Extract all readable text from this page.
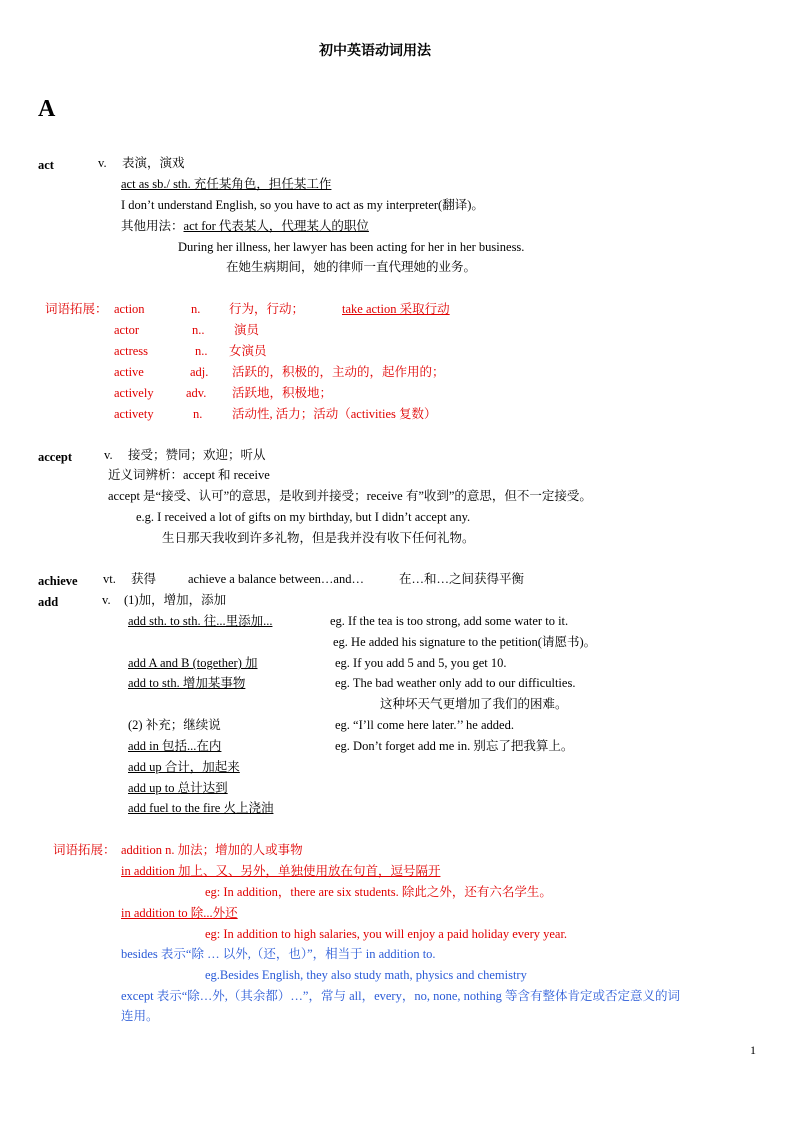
初中英语动词用法
A
act	v. 表演，演戏
act as sb./ sth. 充任某角色，担任某工作
I don’t understand English, so you have to act as my interpreter(翻译)。
其他用法：act for 代表某人，代理某人的职位
During her illness, her lawyer has been acting for her in her business.
在她生病期间，她的律师一直代理她的业务。
词语拓展： action	n. 行为，行动；	take action 采取行动
actor	n.. 演员
actress	n.. 女演员
active	adj. 活跃的，积极的，主动的，起作用的；
actively	adv. 活跃地，积极地；
activety	n. 活动性, 活力；活动（activities 复数）
accept	v. 接受；赞同；欢迎；听从
近义词辨析：accept 和 receive
accept 是“接受、认可”的意思，是收到并接受；receive 有”收到”的意思，但不一定接受。
e.g. I received a lot of gifts on my birthday, but I didn’t accept any.
生日那天我收到许多礼物，但是我并没有收下任何礼物。
achieve vt. 获得	achieve a balance between…and…	在…和…之间获得平衡
add	v. (1)加，增加，添加
add sth. to sth. 往...里添加...	eg. If the tea is too strong, add some water to it.
eg. He added his signature to the petition(请愿书)。
add A and B (together) 加	eg. If you add 5 and 5, you get 10.
add to sth. 增加某事物	eg. The bad weather only add to our difficulties.
这种坏天气更增加了我们的困难。
(2) 补充；继续说	eg. “I’ll come here later.’’ he added.
add in 包括...在内	eg. Don’t forget add me in. 别忘了把我算上。
add up 合计，加起来
add up to 总计达到
add fuel to the fire 火上浇油
词语拓展： addition n. 加法；增加的人或事物
in addition 加上、又、另外，单独使用放在句首，逗号隔开
eg: In addition，there are six students. 除此之外，还有六名学生。
in addition to 除...外还
eg: In addition to high salaries, you will enjoy a paid holiday every year.
besides 表示“除 … 以外,（还，也）”，相当于 in addition to.
eg.Besides English, they also study math, physics and chemistry
except 表示“除…外,（其余都）…”，常与 all，every，no, none, nothing 等含有整体肯定或否定意义的词
连用。
1
